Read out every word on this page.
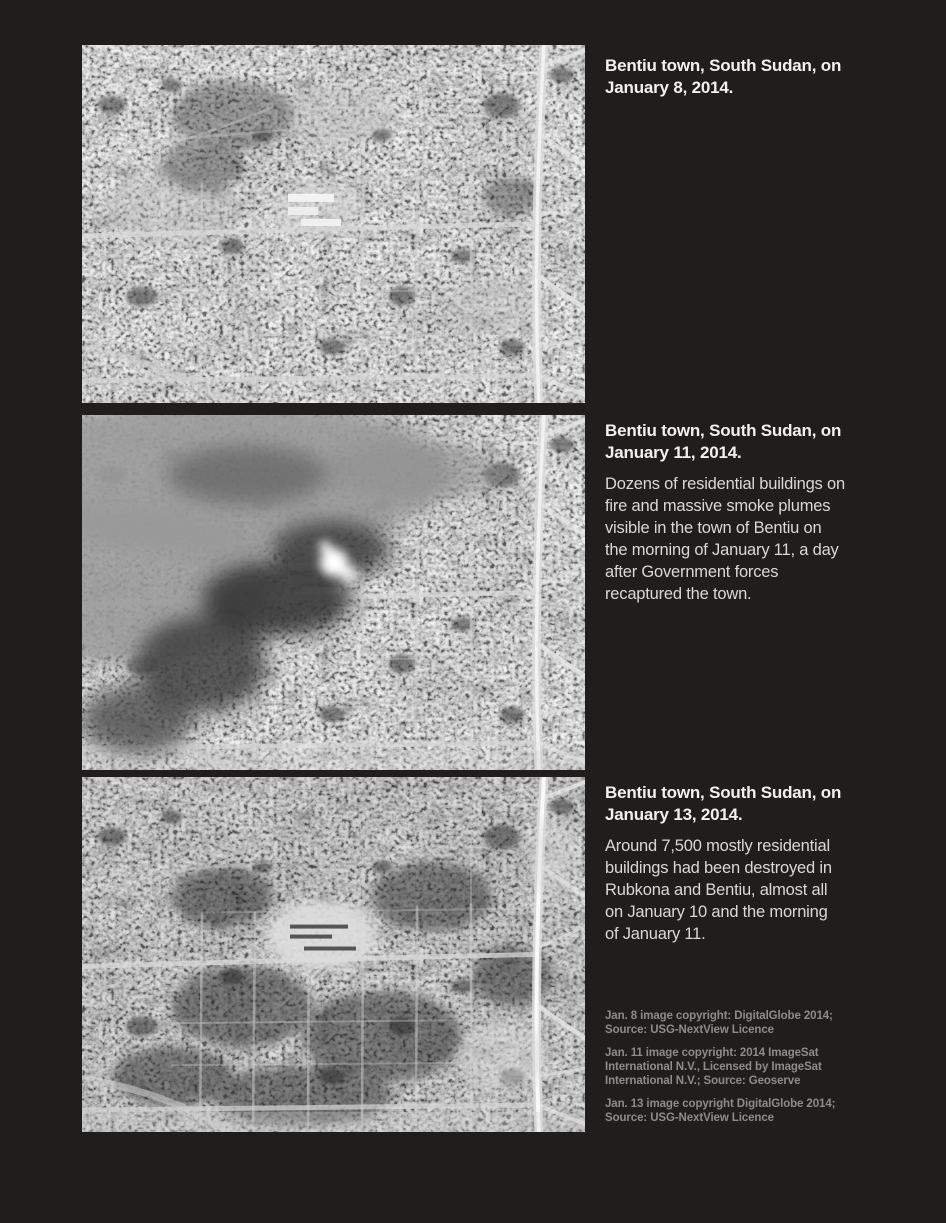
Bentiu town, South Sudan, on January 8, 2014.

Bentiu town, South Sudan, on January 11, 2014.

Dozens of residential buildings on fire and massive smoke plumes visible in the town of Bentiu on the morning of January 11, a day after Government forces recaptured the town.

Bentiu town, South Sudan, on January 13, 2014.

Around 7,500 mostly residential buildings had been destroyed in Rubkona and Bentiu, almost all on January 10 and the morning of January 11.

Jan. 8 image copyright: DigitalGlobe 2014; Source: USG-NextView Licence

Jan. 11 image copyright: 2014 ImageSat International N.V., Licensed by ImageSat International N.V.; Source: Geoserve

Jan. 13 image copyright DigitalGlobe 2014; Source: USG-NextView Licence
